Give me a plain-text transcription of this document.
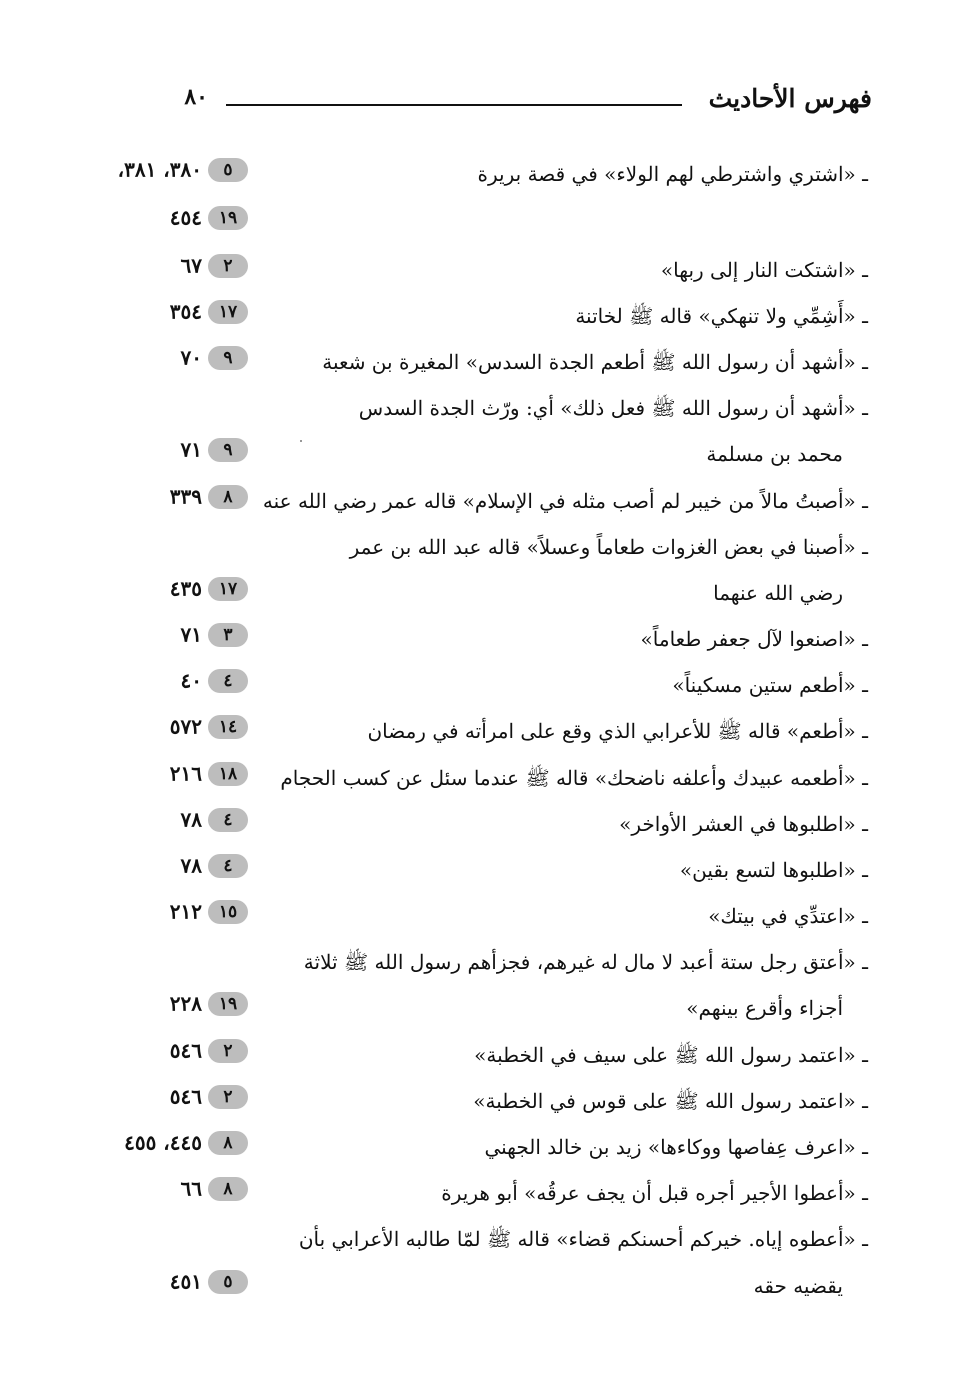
فهرس الأحاديث
٨٠
ـ «اشتري واشترطي لهم الولاء» في قصة بريرة
٥٣٨٠، ٣٨١،
١٩٤٥٤
ـ «اشتكت النار إلى ربها»
٢٦٧
ـ «أَشِمِّي ولا تنهكي» قاله ﷺ لخاتنة
١٧٣٥٤
ـ «أشهد أن رسول الله ﷺ أطعم الجدة السدس» المغيرة بن شعبة
٩٧٠
ـ «أشهد أن رسول الله ﷺ فعل ذلك» أي: ورّث الجدة السدس
محمد بن مسلمة
٩٧١
ـ «أصبتُ مالاً من خيبر لم أصب مثله في الإسلام» قاله عمر رضي الله عنه
٨٣٣٩
ـ «أصبنا في بعض الغزوات طعاماً وعسلاً» قاله عبد الله بن عمر
رضي الله عنهما
١٧٤٣٥
ـ «اصنعوا لآل جعفر طعاماً»
٣٧١
ـ «أطعم ستين مسكيناً»
٤٤٠
ـ «أطعم» قاله ﷺ للأعرابي الذي وقع على امرأته في رمضان
١٤٥٧٢
ـ «أطعمه عبيدك وأعلفه ناضحك» قاله ﷺ عندما سئل عن كسب الحجام
١٨٢١٦
ـ «اطلبوها في العشر الأواخر»
٤٧٨
ـ «اطلبوها لتسع بقين»
٤٧٨
ـ «اعتدِّي في بيتك»
١٥٢١٢
ـ «أعتق رجل ستة أعبد لا مال له غيرهم، فجزأهم رسول الله ﷺ ثلاثة
أجزاء وأقرع بينهم»
١٩٢٢٨
ـ «اعتمد رسول الله ﷺ على سيف في الخطبة»
٢٥٤٦
ـ «اعتمد رسول الله ﷺ على قوس في الخطبة»
٢٥٤٦
ـ «اعرف عِفاصها ووكاءها» زيد بن خالد الجهني
٨٤٤٥، ٤٥٥
ـ «أعطوا الأجير أجره قبل أن يجف عرقُه» أبو هريرة
٨٦٦
ـ «أعطوه إياه. خيركم أحسنكم قضاء» قاله ﷺ لمّا طالبه الأعرابي بأن
يقضيه حقه
٥٤٥١
